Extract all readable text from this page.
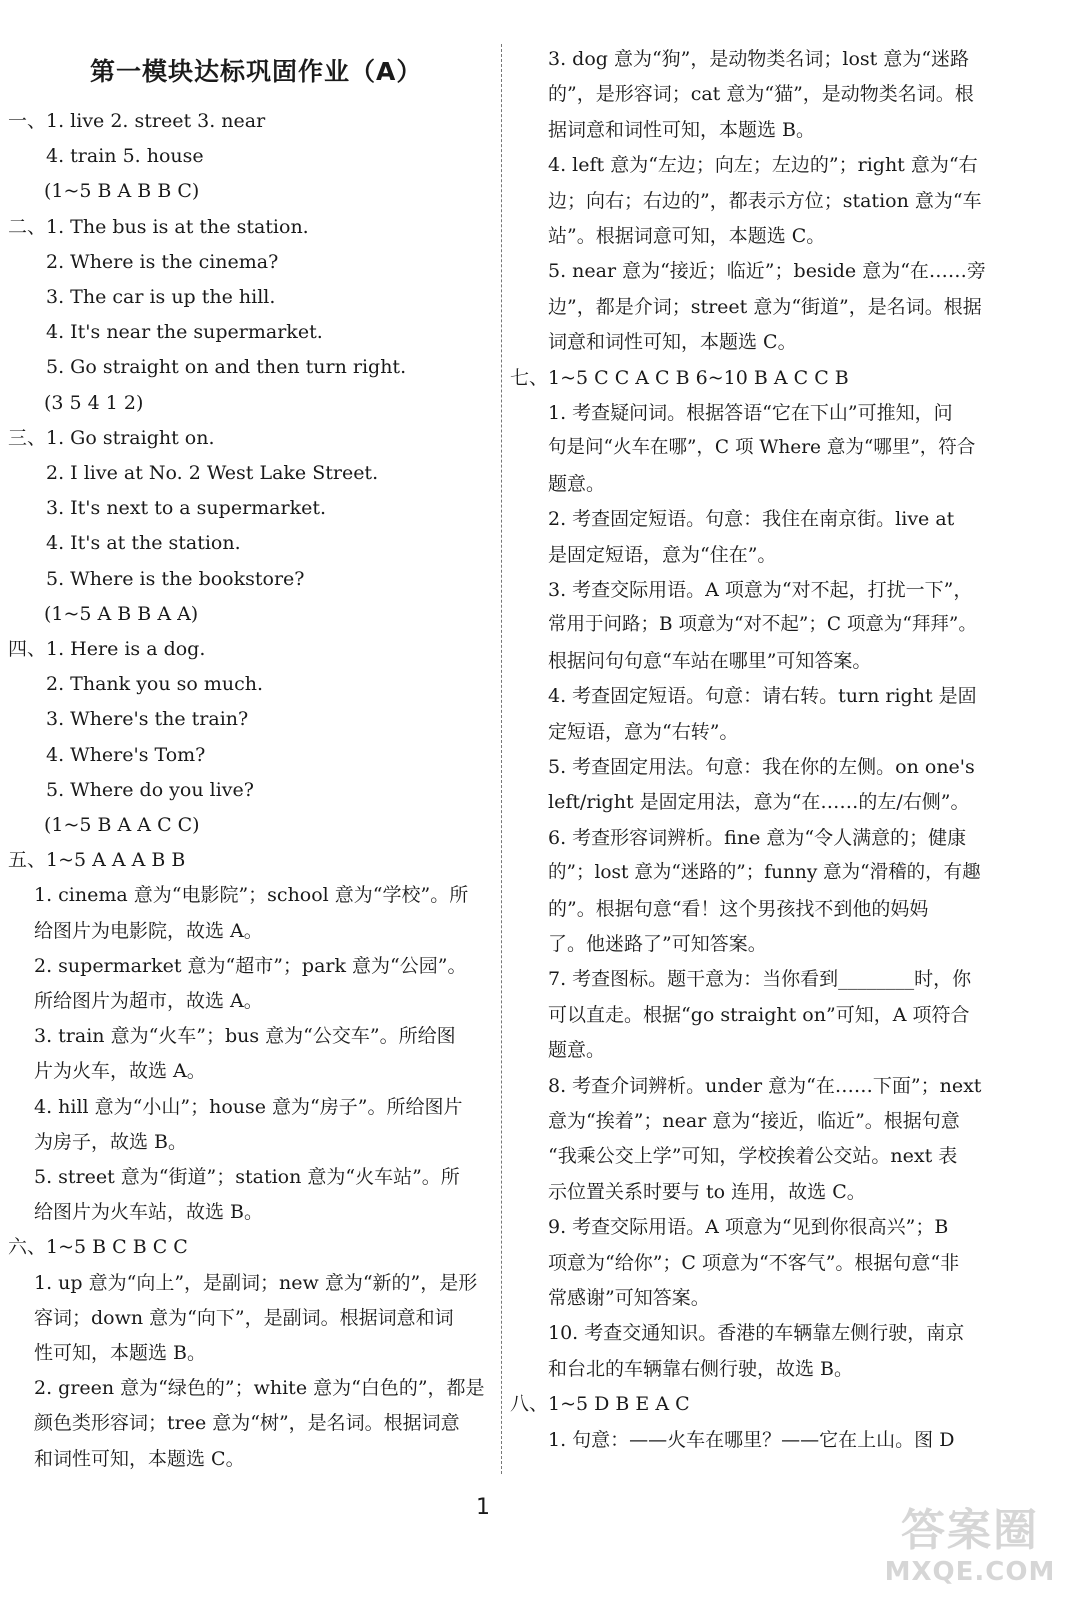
第一模块达标巩固作业（A）
一、1. live 2. street 3. near
4. train 5. house
(1~5 B A B B C)
二、1. The bus is at the station.
2. Where is the cinema?
3. The car is up the hill.
4. It's near the supermarket.
5. Go straight on and then turn right.
(3 5 4 1 2)
三、1. Go straight on.
2. I live at No. 2 West Lake Street.
3. It's next to a supermarket.
4. It's at the station.
5. Where is the bookstore?
(1~5 A B B A A)
四、1. Here is a dog.
2. Thank you so much.
3. Where's the train?
4. Where's Tom?
5. Where do you live?
(1~5 B A A C C)
五、1~5 A A A B B
1. cinema 意为“电影院”；school 意为“学校”。所
给图片为电影院，故选 A。
2. supermarket 意为“超市”；park 意为“公园”。
所给图片为超市，故选 A。
3. train 意为“火车”；bus 意为“公交车”。所给图
片为火车，故选 A。
4. hill 意为“小山”；house 意为“房子”。所给图片
为房子，故选 B。
5. street 意为“街道”；station 意为“火车站”。所
给图片为火车站，故选 B。
六、1~5 B C B C C
1. up 意为“向上”，是副词；new 意为“新的”，是形
容词；down 意为“向下”，是副词。根据词意和词
性可知，本题选 B。
2. green 意为“绿色的”；white 意为“白色的”，都是
颜色类形容词；tree 意为“树”，是名词。根据词意
和词性可知，本题选 C。
3. dog 意为“狗”，是动物类名词；lost 意为“迷路
的”，是形容词；cat 意为“猫”，是动物类名词。根
据词意和词性可知，本题选 B。
4. left 意为“左边；向左；左边的”；right 意为“右
边；向右；右边的”，都表示方位；station 意为“车
站”。根据词意可知，本题选 C。
5. near 意为“接近；临近”；beside 意为“在……旁
边”，都是介词；street 意为“街道”，是名词。根据
词意和词性可知，本题选 C。
七、1~5 C C A C B 6~10 B A C C B
1. 考查疑问词。根据答语“它在下山”可推知，问
句是问“火车在哪”，C 项 Where 意为“哪里”，符合
题意。
2. 考查固定短语。句意：我住在南京街。live at
是固定短语，意为“住在”。
3. 考查交际用语。A 项意为“对不起，打扰一下”，
常用于问路；B 项意为“对不起”；C 项意为“拜拜”。
根据问句句意“车站在哪里”可知答案。
4. 考查固定短语。句意：请右转。turn right 是固
定短语，意为“右转”。
5. 考查固定用法。句意：我在你的左侧。on one's
left/right 是固定用法，意为“在……的左/右侧”。
6. 考查形容词辨析。fine 意为“令人满意的；健康
的”；lost 意为“迷路的”；funny 意为“滑稽的，有趣
的”。根据句意“看！这个男孩找不到他的妈妈
了。他迷路了”可知答案。
7. 考查图标。题干意为：当你看到________时，你
可以直走。根据“go straight on”可知，A 项符合
题意。
8. 考查介词辨析。under 意为“在……下面”；next
意为“挨着”；near 意为“接近，临近”。根据句意
“我乘公交上学”可知，学校挨着公交站。next 表
示位置关系时要与 to 连用，故选 C。
9. 考查交际用语。A 项意为“见到你很高兴”；B
项意为“给你”；C 项意为“不客气”。根据句意“非
常感谢”可知答案。
10. 考查交通知识。香港的车辆靠左侧行驶，南京
和台北的车辆靠右侧行驶，故选 B。
八、1~5 D B E A C
1. 句意：——火车在哪里？——它在上山。图 D
1	答案圈
MXQE.COM
